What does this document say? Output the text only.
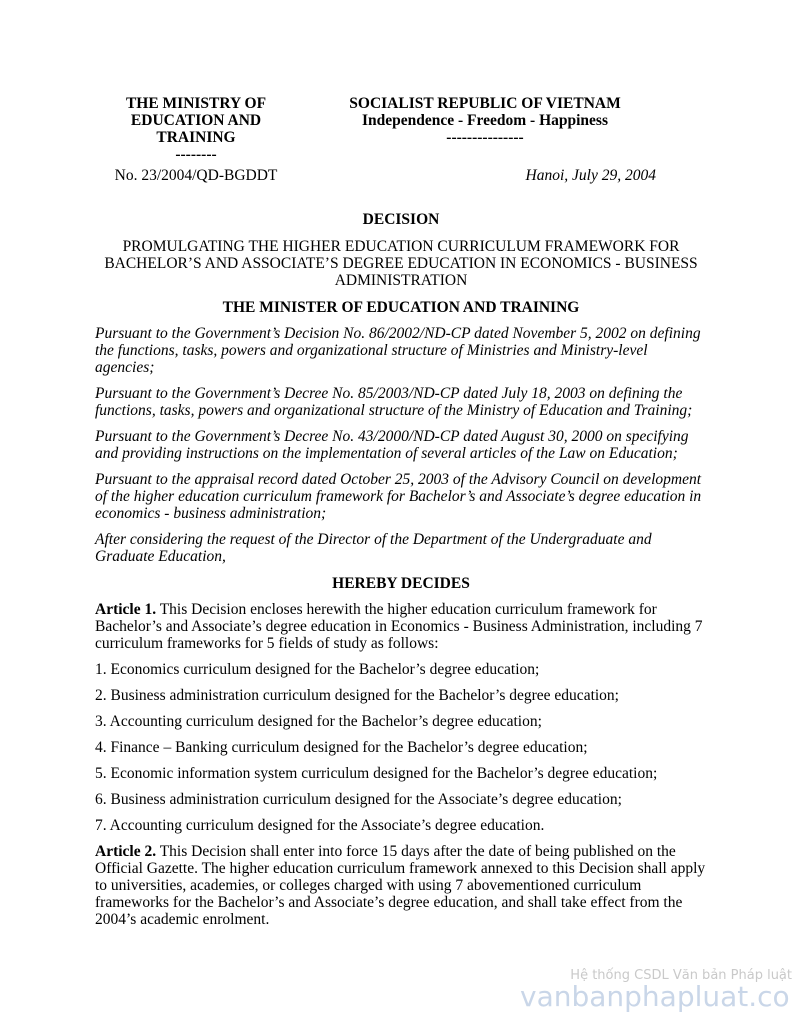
THE MINISTRY OF
EDUCATION AND
TRAINING
--------
SOCIALIST REPUBLIC OF VIETNAM
Independence - Freedom - Happiness
---------------
No. 23/2004/QD-BGDDT	Hanoi, July 29, 2004

DECISION

PROMULGATING THE HIGHER EDUCATION CURRICULUM FRAMEWORK FOR BACHELOR’S AND ASSOCIATE’S DEGREE EDUCATION IN ECONOMICS - BUSINESS ADMINISTRATION

THE MINISTER OF EDUCATION AND TRAINING

Pursuant to the Government’s Decision No. 86/2002/ND-CP dated November 5, 2002 on defining the functions, tasks, powers and organizational structure of Ministries and Ministry-level agencies;

Pursuant to the Government’s Decree No. 85/2003/ND-CP dated July 18, 2003 on defining the functions, tasks, powers and organizational structure of the Ministry of Education and Training;

Pursuant to the Government’s Decree No. 43/2000/ND-CP dated August 30, 2000 on specifying and providing instructions on the implementation of several articles of the Law on Education;

Pursuant to the appraisal record dated October 25, 2003 of the Advisory Council on development of the higher education curriculum framework for Bachelor’s and Associate’s degree education in economics - business administration;

After considering the request of the Director of the Department of the Undergraduate and Graduate Education,

HEREBY DECIDES

Article 1. This Decision encloses herewith the higher education curriculum framework for Bachelor’s and Associate’s degree education in Economics - Business Administration, including 7 curriculum frameworks for 5 fields of study as follows:

1. Economics curriculum designed for the Bachelor’s degree education;

2. Business administration curriculum designed for the Bachelor’s degree education;

3. Accounting curriculum designed for the Bachelor’s degree education;

4. Finance – Banking curriculum designed for the Bachelor’s degree education;

5. Economic information system curriculum designed for the Bachelor’s degree education;

6. Business administration curriculum designed for the Associate’s degree education;

7. Accounting curriculum designed for the Associate’s degree education.

Article 2. This Decision shall enter into force 15 days after the date of being published on the Official Gazette. The higher education curriculum framework annexed to this Decision shall apply to universities, academies, or colleges charged with using 7 abovementioned curriculum frameworks for the Bachelor’s and Associate’s degree education, and shall take effect from the 2004’s academic enrolment.

Hệ thống CSDL Văn bản Pháp luật
vanbanphapluat.co
